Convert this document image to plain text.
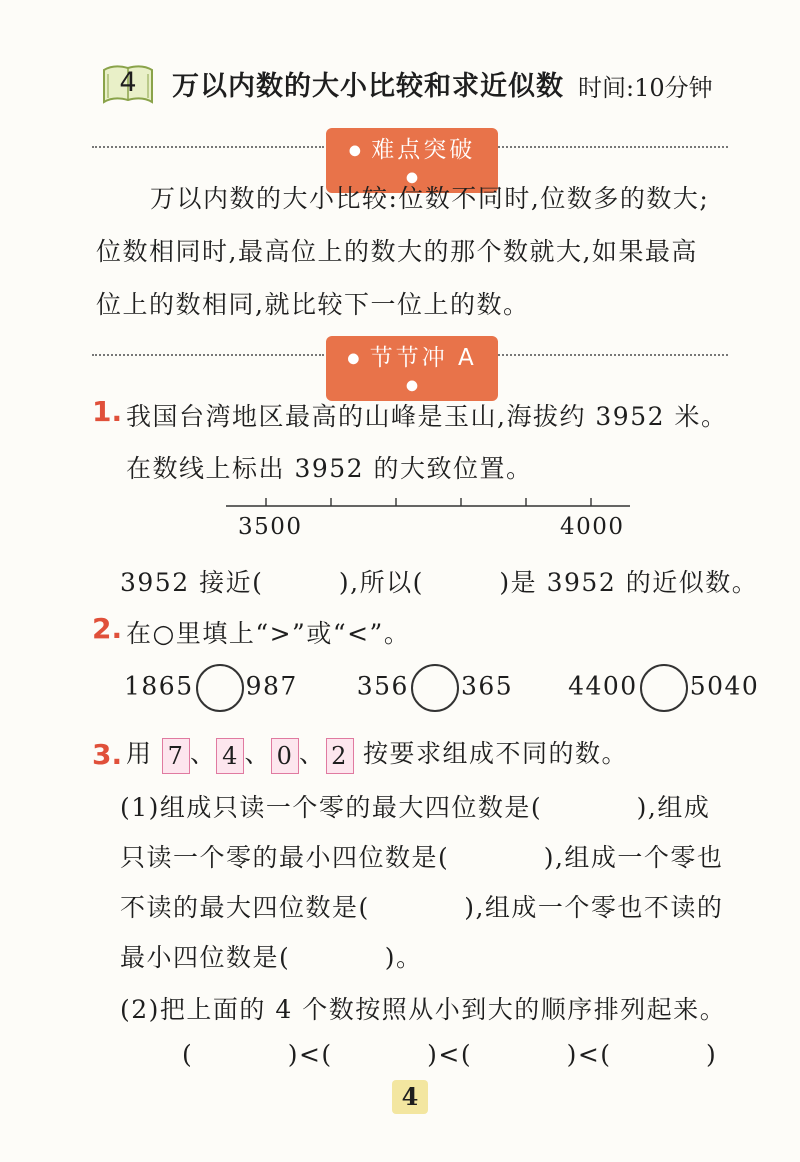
4 万以内数的大小比较和求近似数 时间:10分钟
● 难点突破 ●
万以内数的大小比较:位数不同时,位数多的数大;
位数相同时,最高位上的数大的那个数就大,如果最高
位上的数相同,就比较下一位上的数。
● 节节冲 A ●
1. 我国台湾地区最高的山峰是玉山,海拔约 3952 米。
在数线上标出 3952 的大致位置。
3500	4000
3952 接近(        ),所以(        )是 3952 的近似数。
2. 在○里填上“>”或“<”。
1865 987 356 365 4400 5040
3. 用 7 、 4 、 0 、 2 按要求组成不同的数。
(1)组成只读一个零的最大四位数是(          ),组成
只读一个零的最小四位数是(          ),组成一个零也
不读的最大四位数是(          ),组成一个零也不读的
最小四位数是(          )。
(2)把上面的 4 个数按照从小到大的顺序排列起来。
(          )<(          )<(          )<(          )
4
